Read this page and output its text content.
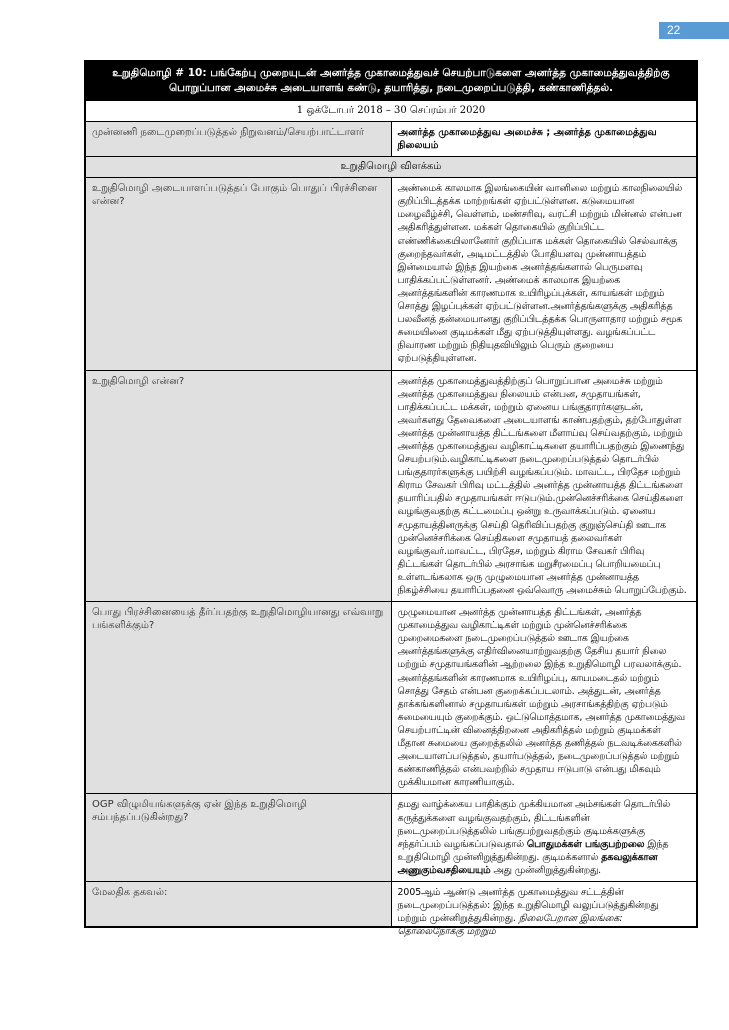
22
உறுதிமொழி # 10: பங்கேற்பு முறையுடன் அனர்த்த முகாமைத்துவச் செயற்பாடுகளை அனர்த்த முகாமைத்துவத்திற்கு பொறுப்பான அமைச்சு அடையாளங் கண்டு, தயாரித்து, நடைமுறைப்படுத்தி, கண்காணித்தல்.	
1 ஒக்டோபர் 2018 – 30 செப்ரம்பர் 2020	
முன்னணி நடைமுறைப்படுத்தல் நிறுவனம்/செயற்பாட்டாளர்	அனர்த்த முகாமைத்துவ அமைச்சு ; அனர்த்த முகாமைத்துவ நிலையம்
உறுதிமொழி விளக்கம்	
உறுதிமொழி அடையாளப்படுத்தப் போகும் பொதுப் பிரச்சினை என்ன?	அண்மைக் காலமாக இலங்கையின் வானிலை மற்றும் காலநிலையில் குறிப்பிடத்தக்க மாற்றங்கள் ஏற்பட்டுள்ளன. கடுமையான மழைவீழ்ச்சி, வெள்ளம், மண்சரிவு, வரட்சி மற்றும் மின்னல் என்பன அதிகரித்துள்ளன. மக்கள் தொகையில் குறிப்பிட்ட எண்ணிக்கையிலானோர் குறிப்பாக மக்கள் தொகையில் செல்வாக்கு குறைந்தவர்கள், அடிமட்டத்தில் போதியளவு முன்னாயத்தம் இன்மையால் இந்த இயற்கை அனர்த்தங்களால் பெருமளவு பாதிக்கப்பட்டுள்ளனர். அண்மைக் காலமாக இயற்கை அனர்த்தங்களின் காரணமாக உயிரிழப்புக்கள், காயங்கள் மற்றும் சொத்து இழப்புக்கள் ஏற்பட்டுள்ளன.அனர்த்தங்களுக்கு அதிகரித்த பலவீனத் தன்மையானது குறிப்பிடத்தக்க பொருளாதார மற்றும் சமூக சுமையினை குடிமக்கள் மீது ஏற்படுத்தியுள்ளது. வழங்கப்பட்ட நிவாரண மற்றும் நிதியுதவியிலும் பெரும் குறையை ஏற்படுத்தியுள்ளன.
உறுதிமொழி என்ன?	அனர்த்த முகாமைத்துவத்திற்குப் பொறுப்பான அமைச்சு மற்றும் அனர்த்த முகாமைத்துவ நிலையம் என்பன, சமுதாயங்கள், பாதிக்கப்பட்ட மக்கள், மற்றும் ஏனைய பங்குதாரர்களுடன், அவர்களது தேவைகளை அடையாளங் காண்பதற்கும், தற்போதுள்ள அனர்த்த முன்னாயத்த திட்டங்களை மீளாய்வு செய்வதற்கும், மற்றும் அனர்த்த முகாமைத்துவ வழிகாட்டிகளை தயாரிப்பதற்கும் இணைந்து செயற்படும்.வழிகாட்டிகளை நடைமுறைப்படுத்தல் தொடர்பில் பங்குதாரர்களுக்கு பயிற்சி வழங்கப்படும். மாவட்ட, பிரதேச மற்றும் கிராம சேவகர் பிரிவு மட்டத்தில் அனர்த்த முன்னாயத்த திட்டங்களை தயாரிப்பதில் சமுதாயங்கள் ஈடுபடும்.முன்னெச்சரிக்கை செய்திகளை வழங்குவதற்கு கட்டமைப்பு ஒன்று உருவாக்கப்படும். ஏனைய சமுதாயத்தினருக்கு செய்தி தெரிவிப்பதற்கு குறுஞ்செய்தி ஊடாக முன்னெச்சரிக்கை செய்திகளை சமுதாயத் தலைவர்கள் வழங்குவர்.மாவட்ட, பிரதேச, மற்றும் கிராம சேவகர் பிரிவு திட்டங்கள் தொடர்பில் அரசாங்க மறுசீரமைப்பு பொறியமைப்பு உள்ளடங்கலாக ஒரு முழுமையான அனர்த்த முன்னாயத்த நிகழ்ச்சியை தயாரிப்பதனை ஒவ்வொரு அமைச்சும் பொறுப்பேற்கும்.
பொது பிரச்சினையைத் தீர்ப்பதற்கு உறுதிமொழியானது எவ்வாறு பங்களிக்கும்?	முழுமையான அனர்த்த முன்னாயத்த திட்டங்கள், அனர்த்த முகாமைத்துவ வழிகாட்டிகள் மற்றும் முன்னெச்சரிக்கை முறைமைகளை நடைமுறைப்படுத்தல் ஊடாக இயற்கை அனர்த்தங்களுக்கு எதிர்வினையாற்றுவதற்கு தேசிய தயார் நிலை மற்றும் சமுதாயங்களின் ஆற்றலை இந்த உறுதிமொழி பரவலாக்கும். அனர்த்தங்களின் காரணமாக உயிரிழப்பு, காயமடைதல் மற்றும் சொத்து சேதம் என்பன குறைக்கப்படலாம். அத்துடன், அனர்த்த தாக்கங்களினால் சமுதாயங்கள் மற்றும் அரசாங்கத்திற்கு ஏற்படும் சுமையையும் குறைக்கும். ஒட்டுமொத்தமாக, அனர்த்த முகாமைத்துவ செயற்பாட்டின் வினைத்திறனை அதிகரித்தல் மற்றும் குடிமக்கள் மீதான சுமையை குறைத்தலில் அனர்த்த தணித்தல் நடவடிக்கைகளில் அடையாளப்படுத்தல், தயார்படுத்தல், நடைமுறைப்படுத்தல் மற்றும் கண்காணித்தல் என்பவற்றில் சமுதாய ஈடுபாடு என்பது மிகவும் முக்கியமான காரணியாகும்.
OGP விழுமியங்களுக்கு ஏன் இந்த உறுதிமொழி சம்பந்தப்படுகின்றது?	தமது வாழ்க்கைய பாதிக்கும் முக்கியமான அம்சங்கள் தொடர்பில் கருத்துக்களை வழங்குவதற்கும், திட்டங்களின் நடைமுறைப்படுத்தலில் பங்குபற்றுவதற்கும் குடிமக்களுக்கு சந்தர்ப்பம் வழங்கப்படுவதால் பொதுமக்கள் பங்குபற்றலை இந்த உறுதிமொழி முன்னிறுத்துகின்றது. குடிமக்களால் தகவலுக்கான அணுகும்வசதியையும் அது முன்னிறுத்துகின்றது.
மேலதிக தகவல்:	2005ஆம் ஆண்டு அனர்த்த முகாமைத்துவ சட்டத்தின் நடைமுறைப்படுத்தல்: இந்த உறுதிமொழி வலுப்படுத்துகின்றது மற்றும் முன்னிறுத்துகின்றது. நிலைபேறான இலங்கை: தொலைநோக்கு மற்றும்
